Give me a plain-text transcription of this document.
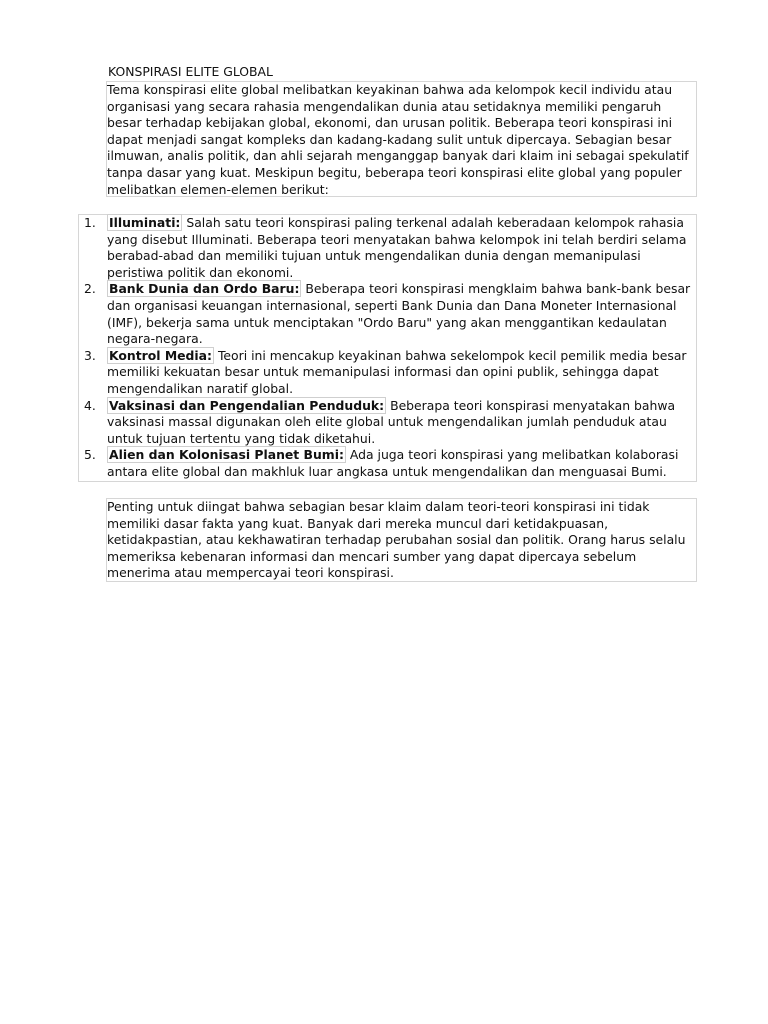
KONSPIRASI ELITE GLOBAL

Tema konspirasi elite global melibatkan keyakinan bahwa ada kelompok kecil individu atau organisasi yang secara rahasia mengendalikan dunia atau setidaknya memiliki pengaruh besar terhadap kebijakan global, ekonomi, dan urusan politik. Beberapa teori konspirasi ini dapat menjadi sangat kompleks dan kadang-kadang sulit untuk dipercaya. Sebagian besar ilmuwan, analis politik, dan ahli sejarah menganggap banyak dari klaim ini sebagai spekulatif tanpa dasar yang kuat. Meskipun begitu, beberapa teori konspirasi elite global yang populer melibatkan elemen-elemen berikut:

1.	Illuminati: Salah satu teori konspirasi paling terkenal adalah keberadaan kelompok rahasia yang disebut Illuminati. Beberapa teori menyatakan bahwa kelompok ini telah berdiri selama berabad-abad dan memiliki tujuan untuk mengendalikan dunia dengan memanipulasi peristiwa politik dan ekonomi.
2.	Bank Dunia dan Ordo Baru: Beberapa teori konspirasi mengklaim bahwa bank-bank besar dan organisasi keuangan internasional, seperti Bank Dunia dan Dana Moneter Internasional (IMF), bekerja sama untuk menciptakan "Ordo Baru" yang akan menggantikan kedaulatan negara-negara.
3.	Kontrol Media: Teori ini mencakup keyakinan bahwa sekelompok kecil pemilik media besar memiliki kekuatan besar untuk memanipulasi informasi dan opini publik, sehingga dapat mengendalikan naratif global.
4.	Vaksinasi dan Pengendalian Penduduk: Beberapa teori konspirasi menyatakan bahwa vaksinasi massal digunakan oleh elite global untuk mengendalikan jumlah penduduk atau untuk tujuan tertentu yang tidak diketahui.
5.	Alien dan Kolonisasi Planet Bumi: Ada juga teori konspirasi yang melibatkan kolaborasi antara elite global dan makhluk luar angkasa untuk mengendalikan dan menguasai Bumi.

Penting untuk diingat bahwa sebagian besar klaim dalam teori-teori konspirasi ini tidak memiliki dasar fakta yang kuat. Banyak dari mereka muncul dari ketidakpuasan, ketidakpastian, atau kekhawatiran terhadap perubahan sosial dan politik. Orang harus selalu memeriksa kebenaran informasi dan mencari sumber yang dapat dipercaya sebelum menerima atau mempercayai teori konspirasi.
